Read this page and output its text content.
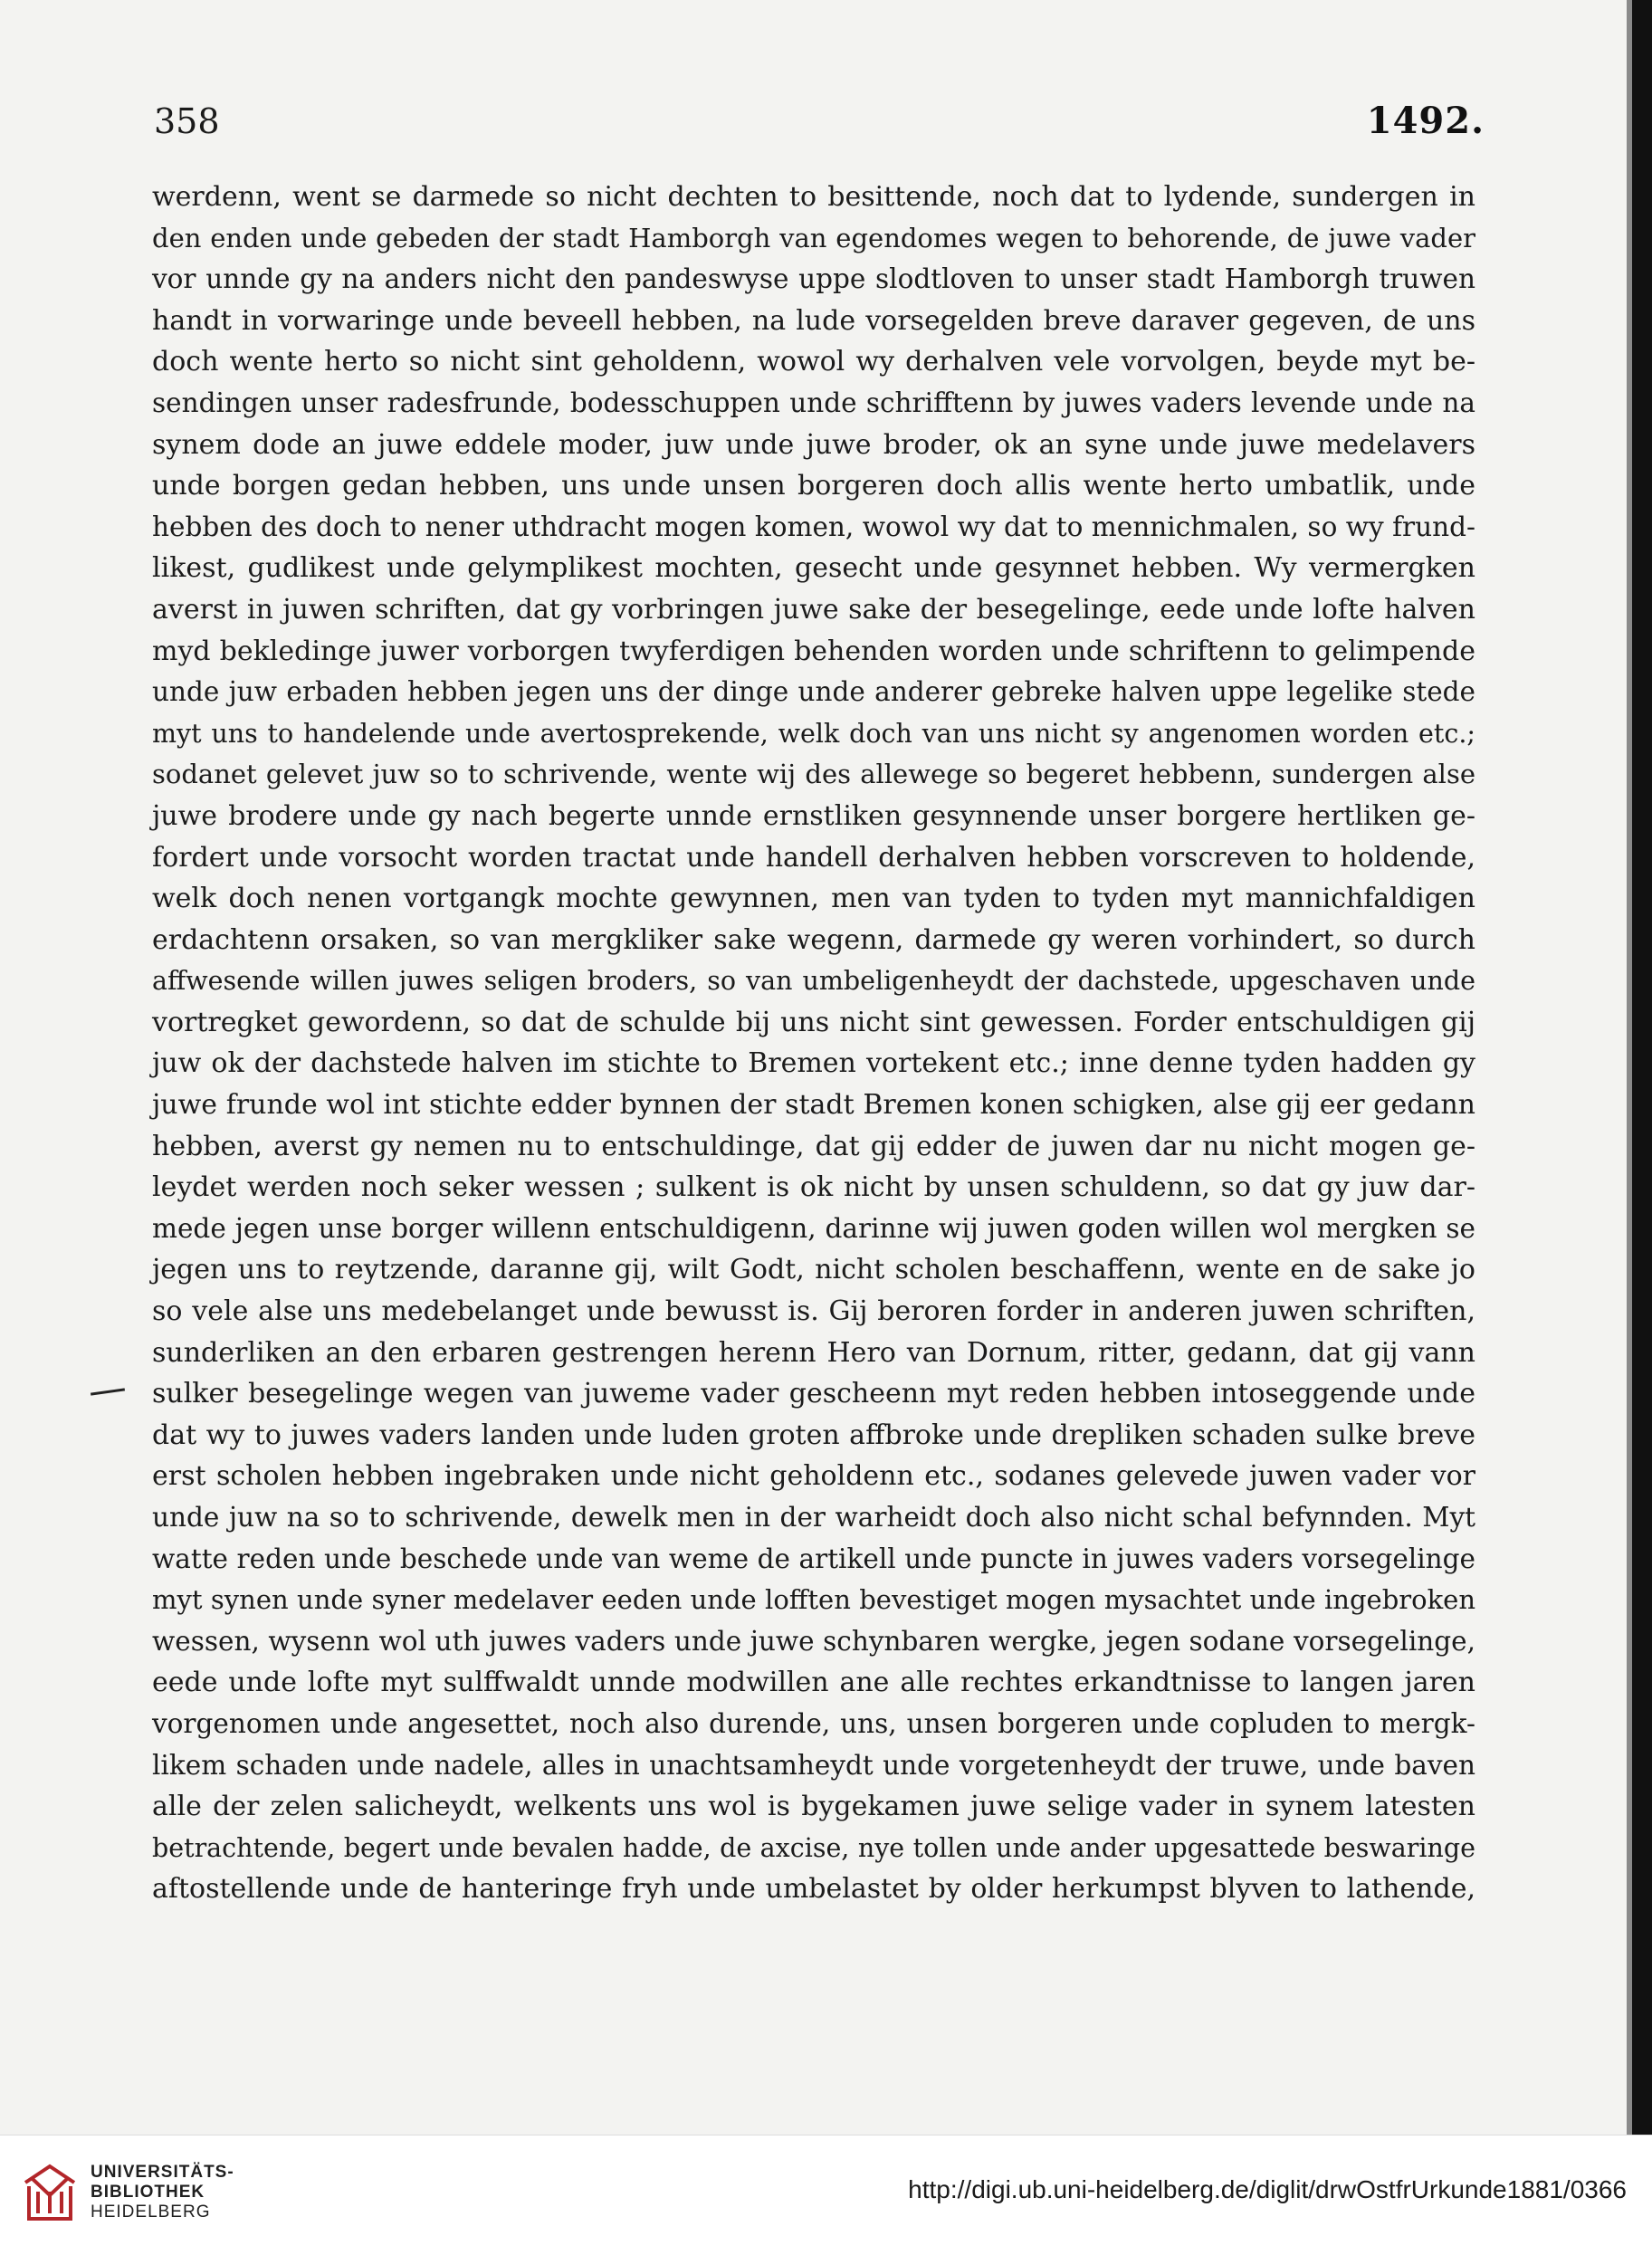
358	1492.

werdenn, went se darmede so nicht dechten to besittende, noch dat to lydende, sundergen in
den enden unde gebeden der stadt Hamborgh van egendomes wegen to behorende, de juwe vader
vor unnde gy na anders nicht den pandeswyse uppe slodtloven to unser stadt Hamborgh truwen
handt in vorwaringe unde beveell hebben, na lude vorsegelden breve daraver gegeven, de uns
doch wente herto so nicht sint geholdenn, wowol wy derhalven vele vorvolgen, beyde myt be-
sendingen unser radesfrunde, bodesschuppen unde schrifftenn by juwes vaders levende unde na
synem dode an juwe eddele moder, juw unde juwe broder, ok an syne unde juwe medelavers
unde borgen gedan hebben, uns unde unsen borgeren doch allis wente herto umbatlik, unde
hebben des doch to nener uthdracht mogen komen, wowol wy dat to mennichmalen, so wy frund-
likest, gudlikest unde gelymplikest mochten, gesecht unde gesynnet hebben. Wy vermergken
averst in juwen schriften, dat gy vorbringen juwe sake der besegelinge, eede unde lofte halven
myd bekledinge juwer vorborgen twyferdigen behenden worden unde schriftenn to gelimpende
unde juw erbaden hebben jegen uns der dinge unde anderer gebreke halven uppe legelike stede
myt uns to handelende unde avertosprekende, welk doch van uns nicht sy angenomen worden etc.;
sodanet gelevet juw so to schrivende, wente wij des allewege so begeret hebbenn, sundergen alse
juwe brodere unde gy nach begerte unnde ernstliken gesynnende unser borgere hertliken ge-
fordert unde vorsocht worden tractat unde handell derhalven hebben vorscreven to holdende,
welk doch nenen vortgangk mochte gewynnen, men van tyden to tyden myt mannichfaldigen
erdachtenn orsaken, so van mergkliker sake wegenn, darmede gy weren vorhindert, so durch
affwesende willen juwes seligen broders, so van umbeligenheydt der dachstede, upgeschaven unde
vortregket gewordenn, so dat de schulde bij uns nicht sint gewessen. Forder entschuldigen gij
juw ok der dachstede halven im stichte to Bremen vortekent etc.; inne denne tyden hadden gy
juwe frunde wol int stichte edder bynnen der stadt Bremen konen schigken, alse gij eer gedann
hebben, averst gy nemen nu to entschuldinge, dat gij edder de juwen dar nu nicht mogen ge-
leydet werden noch seker wessen ; sulkent is ok nicht by unsen schuldenn, so dat gy juw dar-
mede jegen unse borger willenn entschuldigenn, darinne wij juwen goden willen wol mergken se
jegen uns to reytzende, daranne gij, wilt Godt, nicht scholen beschaffenn, wente en de sake jo
so vele alse uns medebelanget unde bewusst is. Gij beroren forder in anderen juwen schriften,
sunderliken an den erbaren gestrengen herenn Hero van Dornum, ritter, gedann, dat gij vann
sulker besegelinge wegen van juweme vader gescheenn myt reden hebben intoseggende unde
dat wy to juwes vaders landen unde luden groten affbroke unde drepliken schaden sulke breve
erst scholen hebben ingebraken unde nicht geholdenn etc., sodanes gelevede juwen vader vor
unde juw na so to schrivende, dewelk men in der warheidt doch also nicht schal befynnden. Myt
watte reden unde beschede unde van weme de artikell unde puncte in juwes vaders vorsegelinge
myt synen unde syner medelaver eeden unde lofften bevestiget mogen mysachtet unde ingebroken
wessen, wysenn wol uth juwes vaders unde juwe schynbaren wergke, jegen sodane vorsegelinge,
eede unde lofte myt sulffwaldt unnde modwillen ane alle rechtes erkandtnisse to langen jaren
vorgenomen unde angesettet, noch also durende, uns, unsen borgeren unde copluden to mergk-
likem schaden unde nadele, alles in unachtsamheydt unde vorgetenheydt der truwe, unde baven
alle der zelen salicheydt, welkents uns wol is bygekamen juwe selige vader in synem latesten
betrachtende, begert unde bevalen hadde, de axcise, nye tollen unde ander upgesattede beswaringe
aftostellende unde de hanteringe fryh unde umbelastet by older herkumpst blyven to lathende,

UNIVERSITÄTS-
BIBLIOTHEK
HEIDELBERG

http://digi.ub.uni-heidelberg.de/diglit/drwOstfrUrkunde1881/0366
